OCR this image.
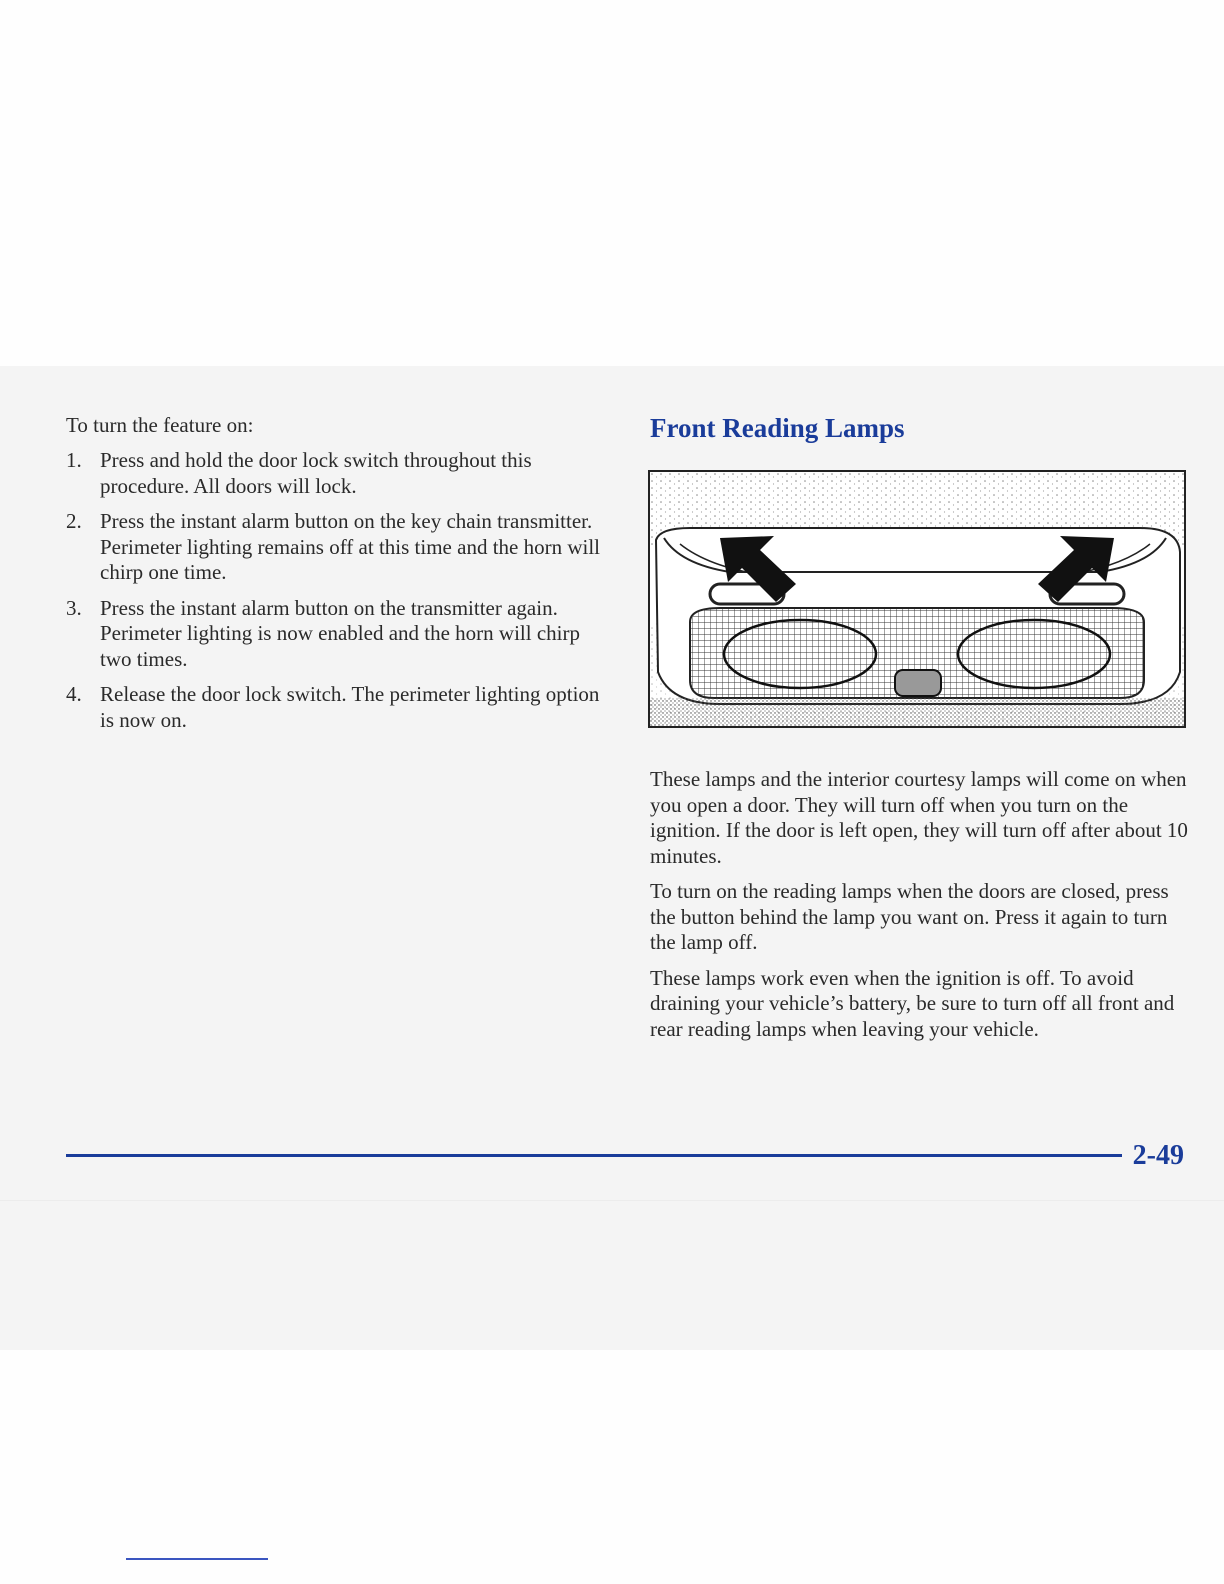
To turn the feature on:

1. Press and hold the door lock switch throughout this procedure. All doors will lock.
2. Press the instant alarm button on the key chain transmitter. Perimeter lighting remains off at this time and the horn will chirp one time.
3. Press the instant alarm button on the transmitter again. Perimeter lighting is now enabled and the horn will chirp two times.
4. Release the door lock switch. The perimeter lighting option is now on.
Front Reading Lamps

These lamps and the interior courtesy lamps will come on when you open a door. They will turn off when you turn on the ignition. If the door is left open, they will turn off after about 10 minutes.

To turn on the reading lamps when the doors are closed, press the button behind the lamp you want on. Press it again to turn the lamp off.

These lamps work even when the ignition is off. To avoid draining your vehicle’s battery, be sure to turn off all front and rear reading lamps when leaving your vehicle.

2-49
